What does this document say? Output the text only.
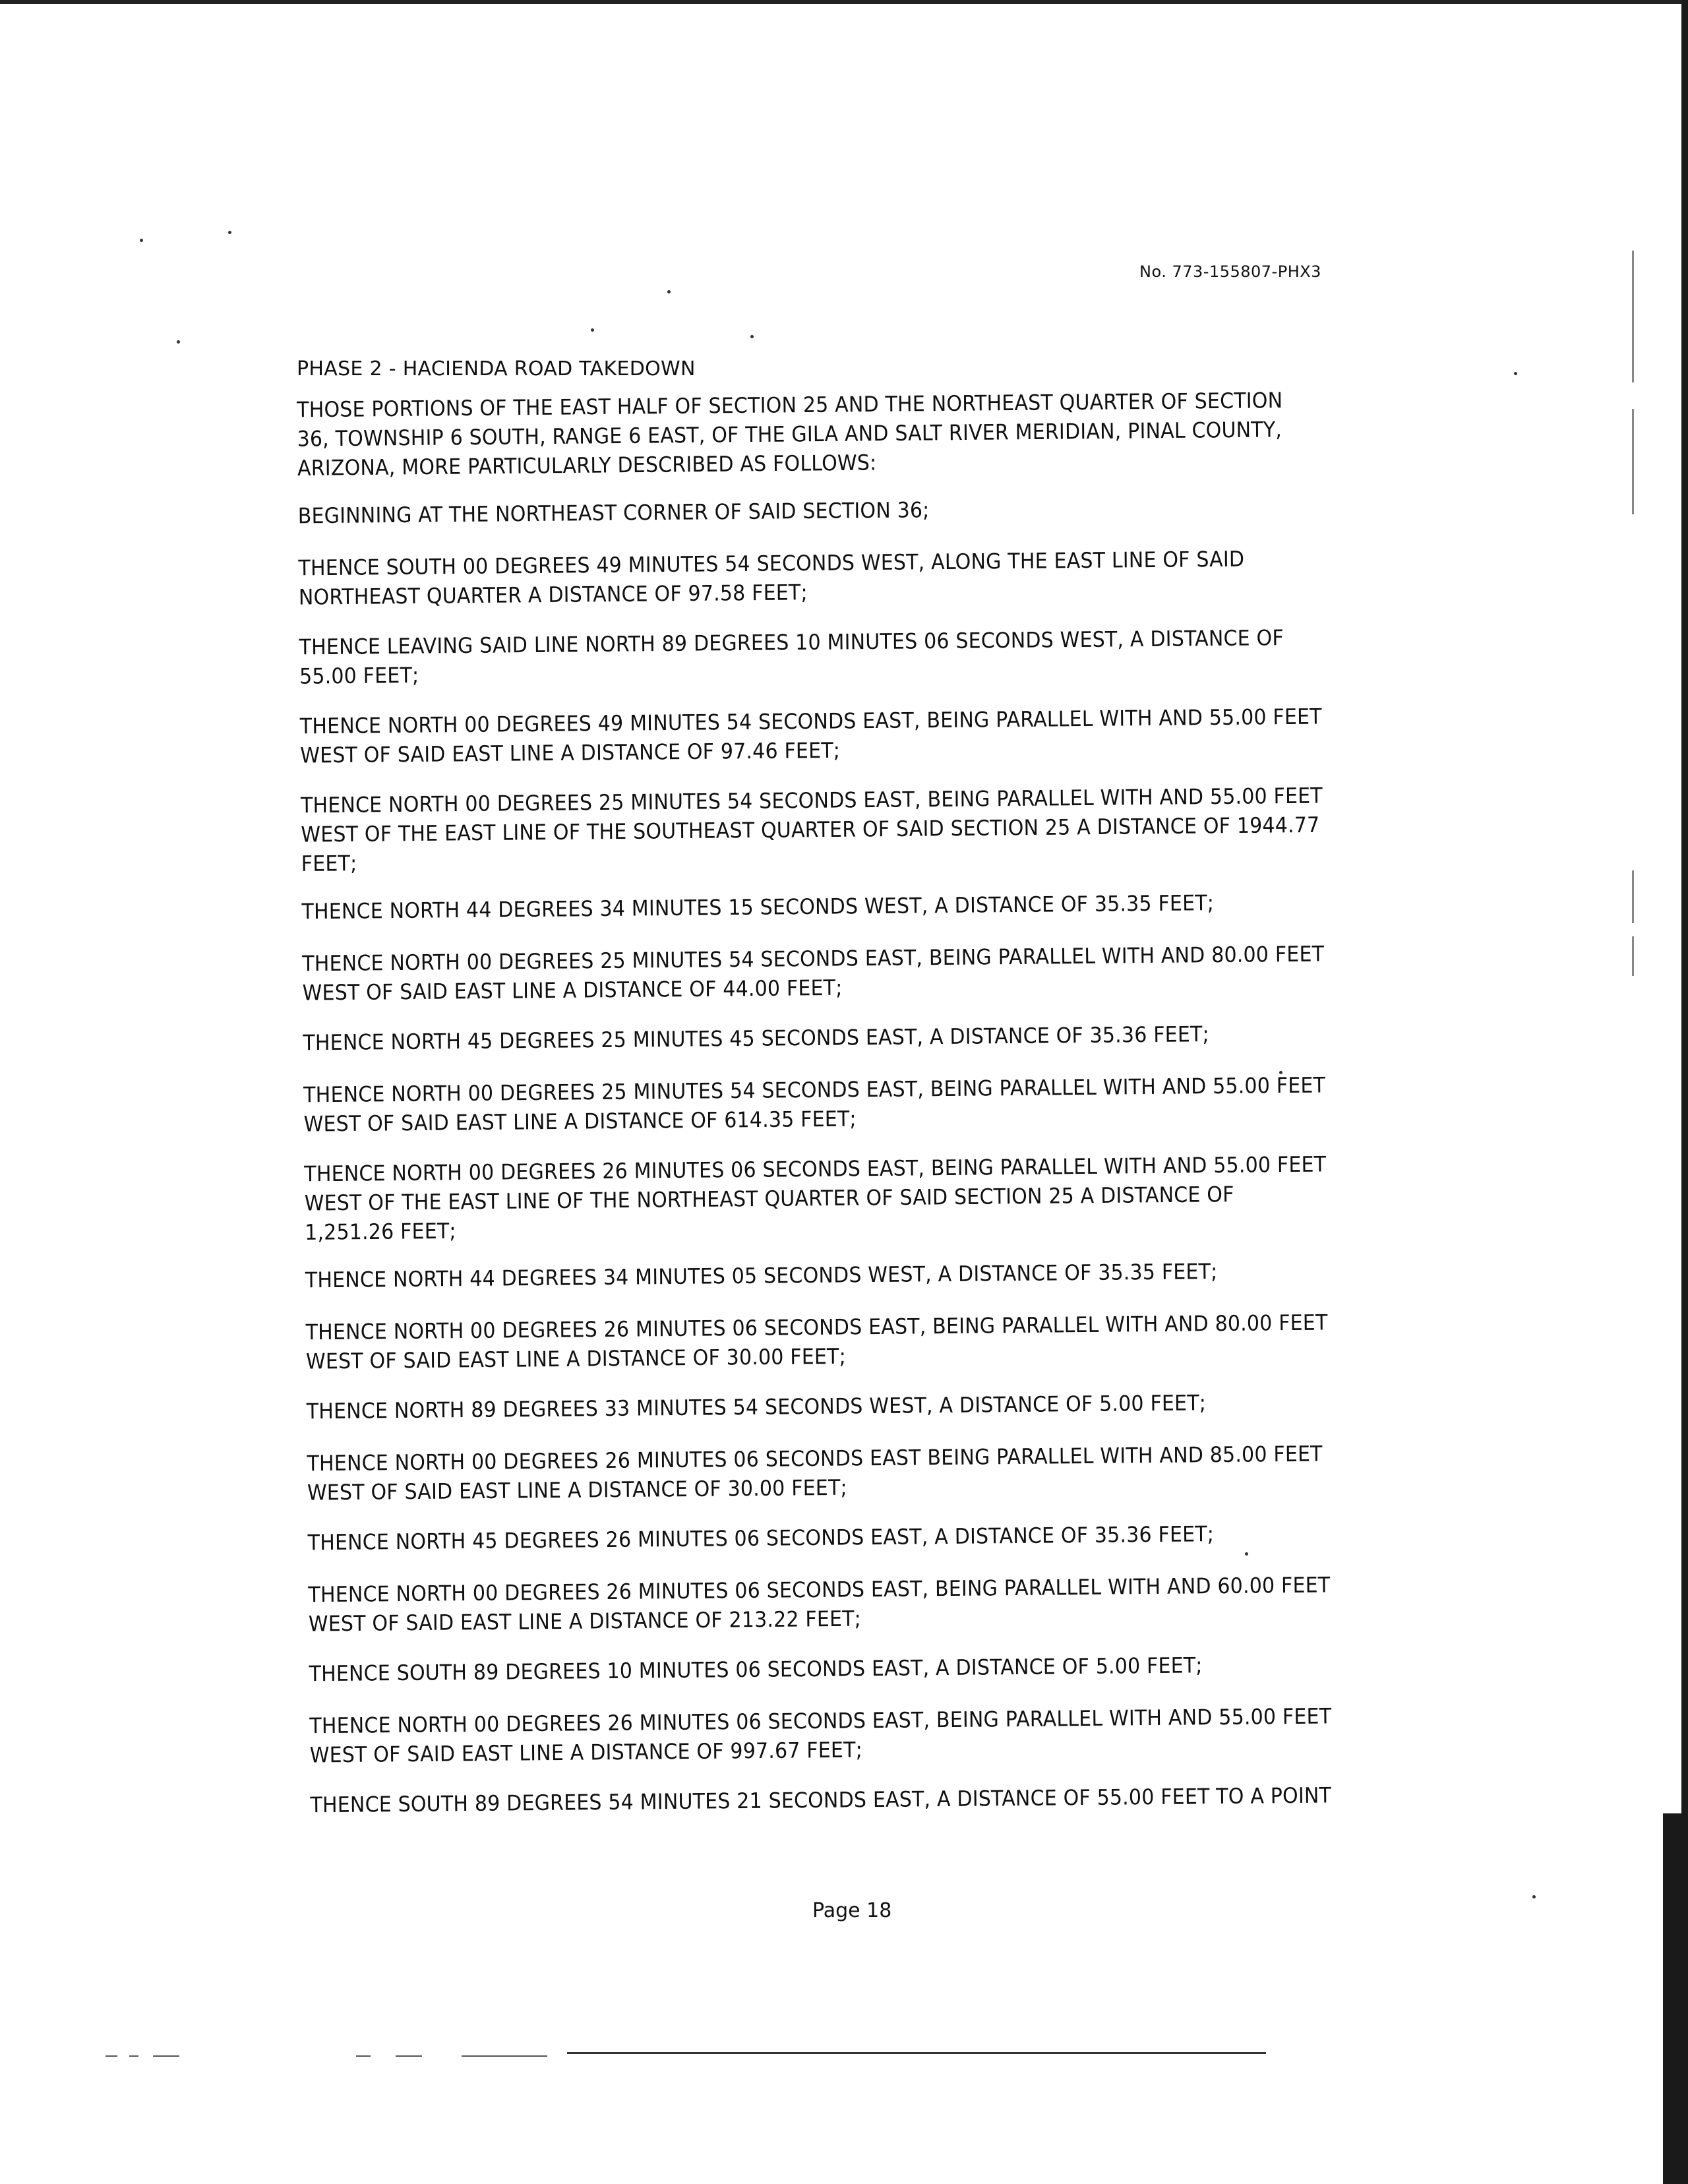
No. 773-155807-PHX3
PHASE 2 - HACIENDA ROAD TAKEDOWN

THOSE PORTIONS OF THE EAST HALF OF SECTION 25 AND THE NORTHEAST QUARTER OF SECTION
36, TOWNSHIP 6 SOUTH, RANGE 6 EAST, OF THE GILA AND SALT RIVER MERIDIAN, PINAL COUNTY,
ARIZONA, MORE PARTICULARLY DESCRIBED AS FOLLOWS:

BEGINNING AT THE NORTHEAST CORNER OF SAID SECTION 36;

THENCE SOUTH 00 DEGREES 49 MINUTES 54 SECONDS WEST, ALONG THE EAST LINE OF SAID
NORTHEAST QUARTER A DISTANCE OF 97.58 FEET;

THENCE LEAVING SAID LINE NORTH 89 DEGREES 10 MINUTES 06 SECONDS WEST, A DISTANCE OF
55.00 FEET;

THENCE NORTH 00 DEGREES 49 MINUTES 54 SECONDS EAST, BEING PARALLEL WITH AND 55.00 FEET
WEST OF SAID EAST LINE A DISTANCE OF 97.46 FEET;

THENCE NORTH 00 DEGREES 25 MINUTES 54 SECONDS EAST, BEING PARALLEL WITH AND 55.00 FEET
WEST OF THE EAST LINE OF THE SOUTHEAST QUARTER OF SAID SECTION 25 A DISTANCE OF 1944.77
FEET;

THENCE NORTH 44 DEGREES 34 MINUTES 15 SECONDS WEST, A DISTANCE OF 35.35 FEET;

THENCE NORTH 00 DEGREES 25 MINUTES 54 SECONDS EAST, BEING PARALLEL WITH AND 80.00 FEET
WEST OF SAID EAST LINE A DISTANCE OF 44.00 FEET;

THENCE NORTH 45 DEGREES 25 MINUTES 45 SECONDS EAST, A DISTANCE OF 35.36 FEET;

THENCE NORTH 00 DEGREES 25 MINUTES 54 SECONDS EAST, BEING PARALLEL WITH AND 55.00 FEET
WEST OF SAID EAST LINE A DISTANCE OF 614.35 FEET;

THENCE NORTH 00 DEGREES 26 MINUTES 06 SECONDS EAST, BEING PARALLEL WITH AND 55.00 FEET
WEST OF THE EAST LINE OF THE NORTHEAST QUARTER OF SAID SECTION 25 A DISTANCE OF
1,251.26 FEET;

THENCE NORTH 44 DEGREES 34 MINUTES 05 SECONDS WEST, A DISTANCE OF 35.35 FEET;

THENCE NORTH 00 DEGREES 26 MINUTES 06 SECONDS EAST, BEING PARALLEL WITH AND 80.00 FEET
WEST OF SAID EAST LINE A DISTANCE OF 30.00 FEET;

THENCE NORTH 89 DEGREES 33 MINUTES 54 SECONDS WEST, A DISTANCE OF 5.00 FEET;

THENCE NORTH 00 DEGREES 26 MINUTES 06 SECONDS EAST BEING PARALLEL WITH AND 85.00 FEET
WEST OF SAID EAST LINE A DISTANCE OF 30.00 FEET;

THENCE NORTH 45 DEGREES 26 MINUTES 06 SECONDS EAST, A DISTANCE OF 35.36 FEET;

THENCE NORTH 00 DEGREES 26 MINUTES 06 SECONDS EAST, BEING PARALLEL WITH AND 60.00 FEET
WEST OF SAID EAST LINE A DISTANCE OF 213.22 FEET;

THENCE SOUTH 89 DEGREES 10 MINUTES 06 SECONDS EAST, A DISTANCE OF 5.00 FEET;

THENCE NORTH 00 DEGREES 26 MINUTES 06 SECONDS EAST, BEING PARALLEL WITH AND 55.00 FEET
WEST OF SAID EAST LINE A DISTANCE OF 997.67 FEET;

THENCE SOUTH 89 DEGREES 54 MINUTES 21 SECONDS EAST, A DISTANCE OF 55.00 FEET TO A POINT

Page 18
